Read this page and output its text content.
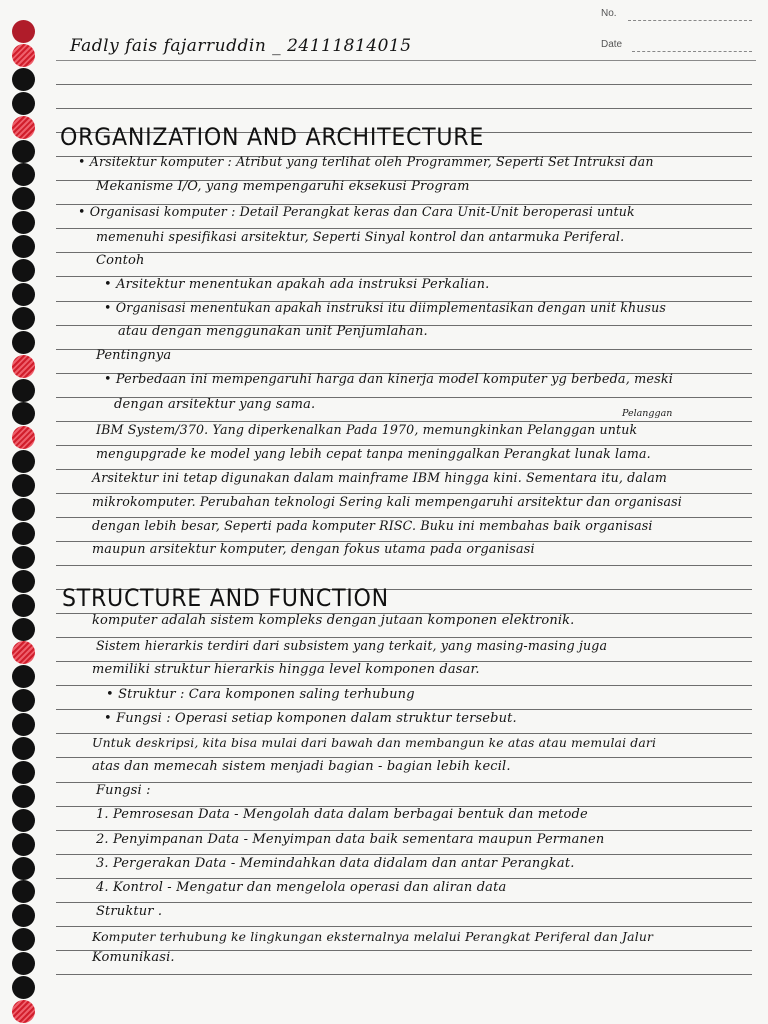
No.
Date
Fadly fais fajarruddin _ 24111814015
ORGANIZATION AND ARCHITECTURE
• Arsitektur komputer : Atribut yang terlihat oleh Programmer, Seperti Set Intruksi dan
Mekanisme I/O, yang mempengaruhi eksekusi Program
• Organisasi komputer : Detail Perangkat keras dan Cara Unit-Unit beroperasi untuk
memenuhi spesifikasi arsitektur, Seperti Sinyal kontrol dan antarmuka Periferal.
Contoh
• Arsitektur menentukan apakah ada instruksi Perkalian.
• Organisasi menentukan apakah instruksi itu diimplementasikan dengan unit khusus
atau dengan menggunakan unit Penjumlahan.
Pentingnya
• Perbedaan ini mempengaruhi harga dan kinerja model komputer yg berbeda, meski
dengan arsitektur yang sama.
IBM System/370. Yang diperkenalkan Pada 1970, memungkinkan Pelanggan untuk
mengupgrade ke model yang lebih cepat tanpa meninggalkan Perangkat lunak lama.
Arsitektur ini tetap digunakan dalam mainframe IBM hingga kini. Sementara itu, dalam
mikrokomputer. Perubahan teknologi Sering kali mempengaruhi arsitektur dan organisasi
dengan lebih besar, Seperti pada komputer RISC. Buku ini membahas baik organisasi
maupun arsitektur komputer, dengan fokus utama pada organisasi
Pelanggan
STRUCTURE AND FUNCTION
komputer adalah sistem kompleks dengan jutaan komponen elektronik.
Sistem hierarkis terdiri dari subsistem yang terkait, yang masing-masing juga
memiliki struktur hierarkis hingga level komponen dasar.
• Struktur : Cara komponen saling terhubung
• Fungsi : Operasi setiap komponen dalam struktur tersebut.
Untuk deskripsi, kita bisa mulai dari bawah dan membangun ke atas atau memulai dari
atas dan memecah sistem menjadi bagian - bagian lebih kecil.
Fungsi :
1. Pemrosesan Data - Mengolah data dalam berbagai bentuk dan metode
2. Penyimpanan Data - Menyimpan data baik sementara maupun Permanen
3. Pergerakan Data - Memindahkan data didalam dan antar Perangkat.
4. Kontrol - Mengatur dan mengelola operasi dan aliran data
Struktur .
Komputer terhubung ke lingkungan eksternalnya melalui Perangkat Periferal dan Jalur
Komunikasi.
